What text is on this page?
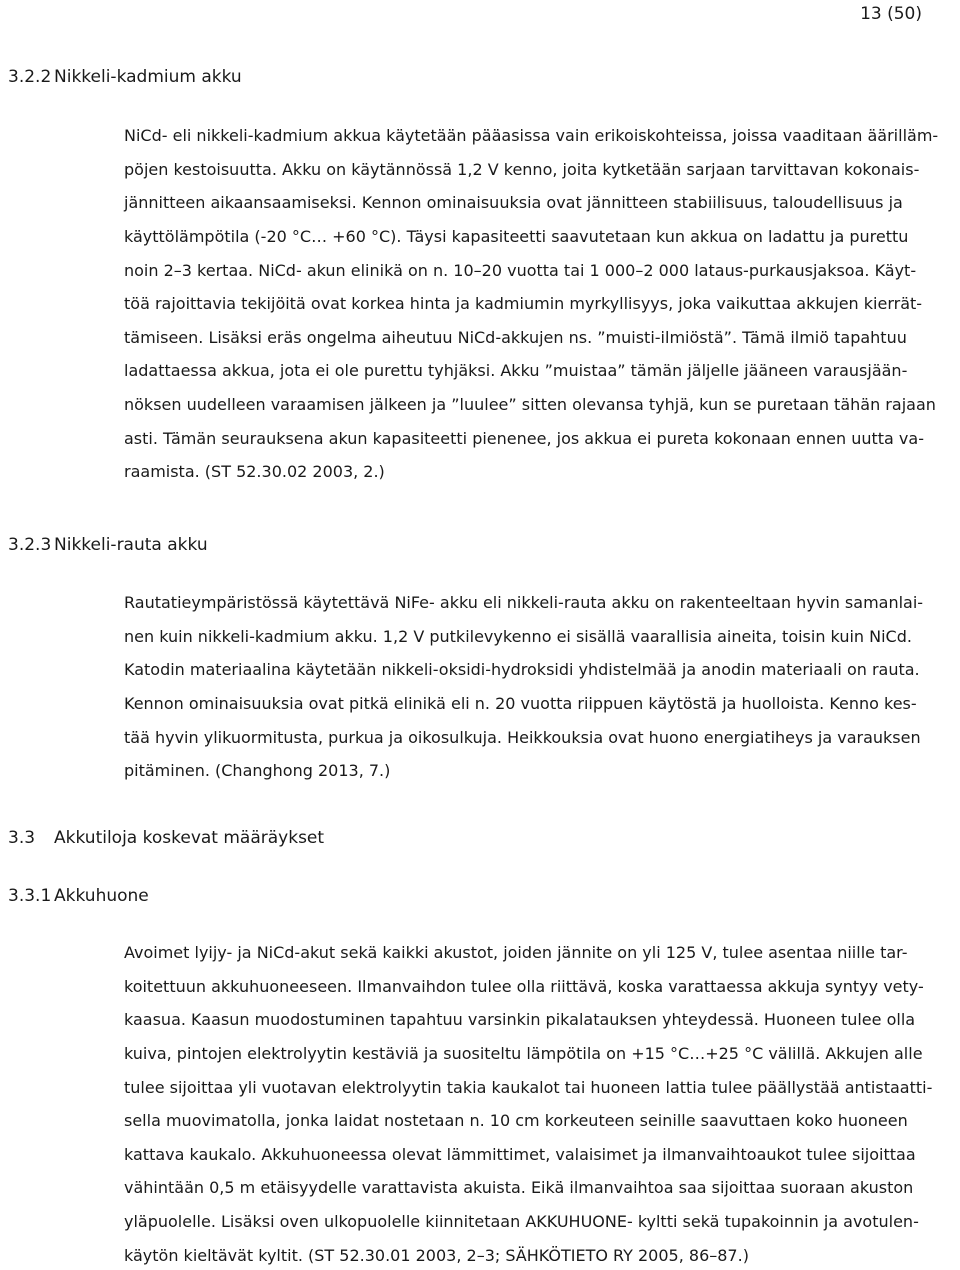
13 (50)
3.2.2 Nikkeli-kadmium akku
NiCd- eli nikkeli-kadmium akkua käytetään pääasissa vain erikoiskohteissa, joissa vaaditaan äärilläm-
pöjen kestoisuutta. Akku on käytännössä 1,2 V kenno, joita kytketään sarjaan tarvittavan kokonais-
jännitteen aikaansaamiseksi. Kennon ominaisuuksia ovat jännitteen stabiilisuus, taloudellisuus ja
käyttölämpötila (-20 °C… +60 °C). Täysi kapasiteetti saavutetaan kun akkua on ladattu ja purettu
noin 2–3 kertaa. NiCd- akun elinikä on n. 10–20 vuotta tai 1 000–2 000 lataus-purkausjaksoa. Käyt-
töä rajoittavia tekijöitä ovat korkea hinta ja kadmiumin myrkyllisyys, joka vaikuttaa akkujen kierrät-
tämiseen. Lisäksi eräs ongelma aiheutuu NiCd-akkujen ns. ”muisti-ilmiöstä”. Tämä ilmiö tapahtuu
ladattaessa akkua, jota ei ole purettu tyhjäksi. Akku ”muistaa” tämän jäljelle jääneen varausjään-
nöksen uudelleen varaamisen jälkeen ja ”luulee” sitten olevansa tyhjä, kun se puretaan tähän rajaan
asti. Tämän seurauksena akun kapasiteetti pienenee, jos akkua ei pureta kokonaan ennen uutta va-
raamista. (ST 52.30.02 2003, 2.)
3.2.3 Nikkeli-rauta akku
Rautatieympäristössä käytettävä NiFe- akku eli nikkeli-rauta akku on rakenteeltaan hyvin samanlai-
nen kuin nikkeli-kadmium akku. 1,2 V putkilevykenno ei sisällä vaarallisia aineita, toisin kuin NiCd.
Katodin materiaalina käytetään nikkeli-oksidi-hydroksidi yhdistelmää ja anodin materiaali on rauta.
Kennon ominaisuuksia ovat pitkä elinikä eli n. 20 vuotta riippuen käytöstä ja huolloista. Kenno kes-
tää hyvin ylikuormitusta, purkua ja oikosulkuja. Heikkouksia ovat huono energiatiheys ja varauksen
pitäminen. (Changhong 2013, 7.)
3.3 Akkutiloja koskevat määräykset
3.3.1 Akkuhuone
Avoimet lyijy- ja NiCd-akut sekä kaikki akustot, joiden jännite on yli 125 V, tulee asentaa niille tar-
koitettuun akkuhuoneeseen. Ilmanvaihdon tulee olla riittävä, koska varattaessa akkuja syntyy vety-
kaasua. Kaasun muodostuminen tapahtuu varsinkin pikalatauksen yhteydessä. Huoneen tulee olla
kuiva, pintojen elektrolyytin kestäviä ja suositeltu lämpötila on +15 °C…+25 °C välillä. Akkujen alle
tulee sijoittaa yli vuotavan elektrolyytin takia kaukalot tai huoneen lattia tulee päällystää antistaatti-
sella muovimatolla, jonka laidat nostetaan n. 10 cm korkeuteen seinille saavuttaen koko huoneen
kattava kaukalo. Akkuhuoneessa olevat lämmittimet, valaisimet ja ilmanvaihtoaukot tulee sijoittaa
vähintään 0,5 m etäisyydelle varattavista akuista. Eikä ilmanvaihtoa saa sijoittaa suoraan akuston
yläpuolelle. Lisäksi oven ulkopuolelle kiinnitetaan AKKUHUONE- kyltti sekä tupakoinnin ja avotulen-
käytön kieltävät kyltit. (ST 52.30.01 2003, 2–3; SÄHKÖTIETO RY 2005, 86–87.)
